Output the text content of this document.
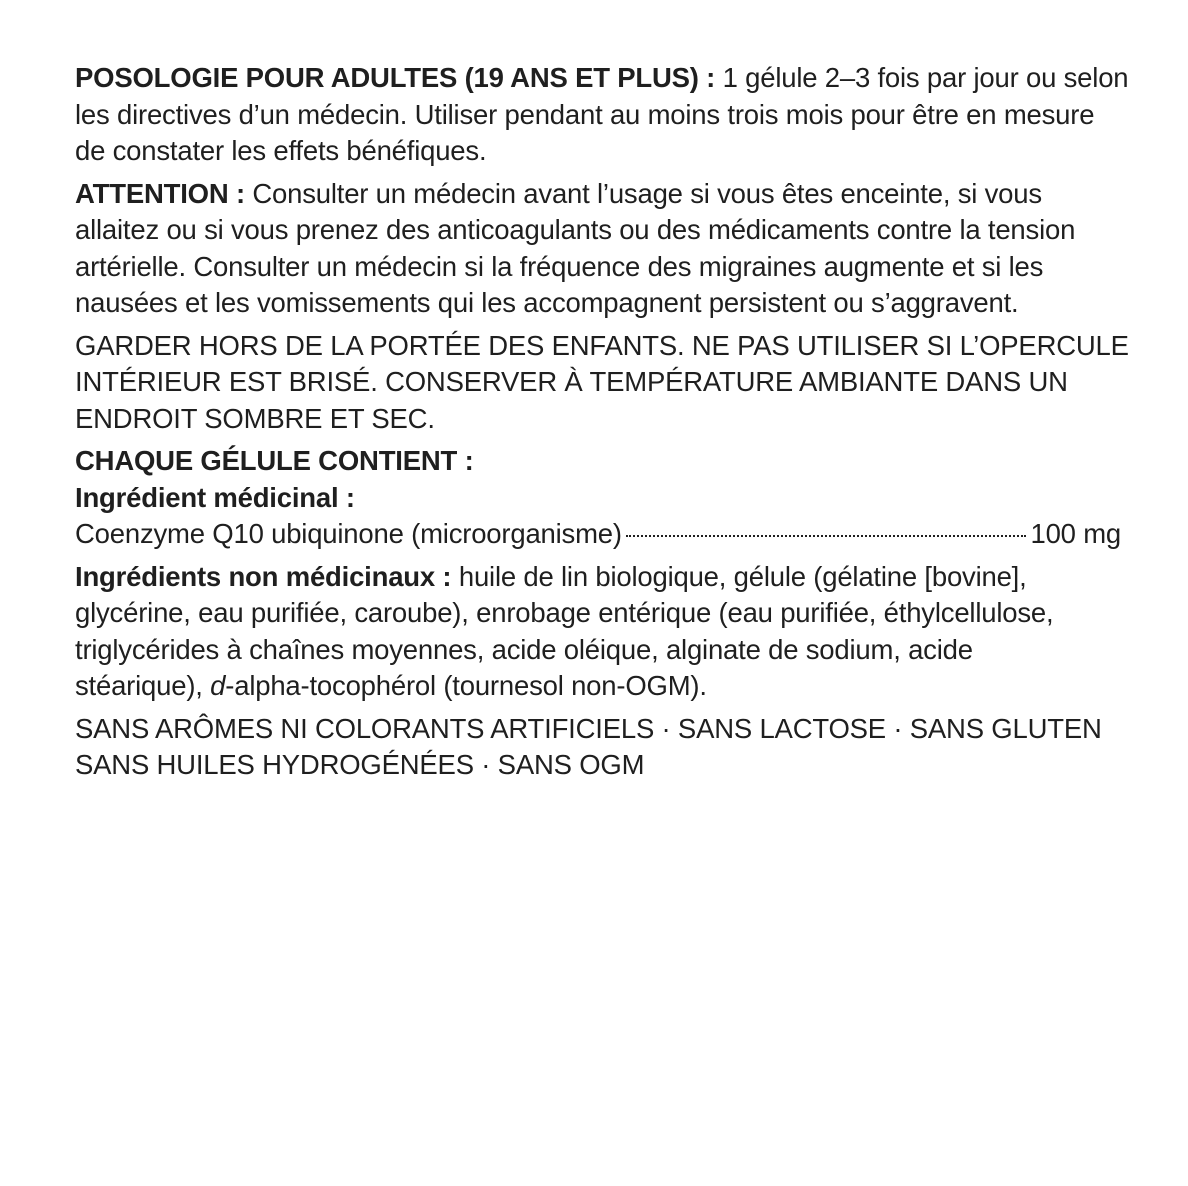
POSOLOGIE POUR ADULTES (19 ANS ET PLUS) : 1 gélule 2–3 fois par jour ou selon
les directives d’un médecin. Utiliser pendant au moins trois mois pour être en mesure
de constater les effets bénéfiques.
ATTENTION : Consulter un médecin avant l’usage si vous êtes enceinte, si vous
allaitez ou si vous prenez des anticoagulants ou des médicaments contre la tension
artérielle. Consulter un médecin si la fréquence des migraines augmente et si les
nausées et les vomissements qui les accompagnent persistent ou s’aggravent.
GARDER HORS DE LA PORTÉE DES ENFANTS. NE PAS UTILISER SI L’OPERCULE
INTÉRIEUR EST BRISÉ. CONSERVER À TEMPÉRATURE AMBIANTE DANS UN
ENDROIT SOMBRE ET SEC.
CHAQUE GÉLULE CONTIENT :
Ingrédient médicinal :
Coenzyme Q10 ubiquinone (microorganisme)	100 mg
Ingrédients non médicinaux : huile de lin biologique, gélule (gélatine [bovine],
glycérine, eau purifiée, caroube), enrobage entérique (eau purifiée, éthylcellulose,
triglycérides à chaînes moyennes, acide oléique, alginate de sodium, acide
stéarique), d-alpha-tocophérol (tournesol non-OGM).
SANS ARÔMES NI COLORANTS ARTIFICIELS · SANS LACTOSE · SANS GLUTEN
SANS HUILES HYDROGÉNÉES · SANS OGM
